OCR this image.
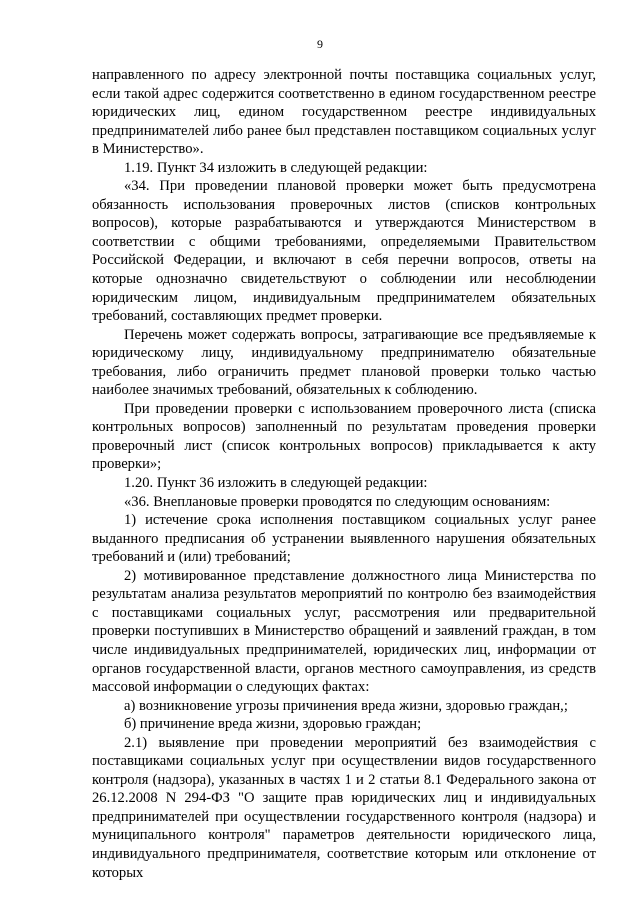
9

направленного по адресу электронной почты поставщика социальных услуг, если такой адрес содержится соответственно в едином государственном реестре юридических лиц, едином государственном реестре индивидуальных предпринимателей либо ранее был представлен поставщиком социальных услуг в Министерство».

1.19. Пункт 34 изложить в следующей редакции:

«34. При проведении плановой проверки может быть предусмотрена обязанность использования проверочных листов (списков контрольных вопросов), которые разрабатываются и утверждаются Министерством в соответствии с общими требованиями, определяемыми Правительством Российской Федерации, и включают в себя перечни вопросов, ответы на которые однозначно свидетельствуют о соблюдении или несоблюдении юридическим лицом, индивидуальным предпринимателем обязательных требований, составляющих предмет проверки.

Перечень может содержать вопросы, затрагивающие все предъявляемые к юридическому лицу, индивидуальному предпринимателю обязательные требования, либо ограничить предмет плановой проверки только частью наиболее значимых требований, обязательных к соблюдению.

При проведении проверки с использованием проверочного листа (списка контрольных вопросов) заполненный по результатам проведения проверки проверочный лист (список контрольных вопросов) прикладывается к акту проверки»;

1.20. Пункт 36 изложить в следующей редакции:

«36. Внеплановые проверки проводятся по следующим основаниям:

1) истечение срока исполнения поставщиком социальных услуг ранее выданного предписания об устранении выявленного нарушения обязательных требований и (или) требований;

2) мотивированное представление должностного лица Министерства по результатам анализа результатов мероприятий по контролю без взаимодействия с поставщиками социальных услуг, рассмотрения или предварительной проверки поступивших в Министерство обращений и заявлений граждан, в том числе индивидуальных предпринимателей, юридических лиц, информации от органов государственной власти, органов местного самоуправления, из средств массовой информации о следующих фактах:

а) возникновение угрозы причинения вреда жизни, здоровью граждан,;

б) причинение вреда жизни, здоровью граждан;

2.1) выявление при проведении мероприятий без взаимодействия с поставщиками социальных услуг при осуществлении видов государственного контроля (надзора), указанных в частях 1 и 2 статьи 8.1 Федерального закона от 26.12.2008 N 294-ФЗ "О защите прав юридических лиц и индивидуальных предпринимателей при осуществлении государственного контроля (надзора) и муниципального контроля" параметров деятельности юридического лица, индивидуального предпринимателя, соответствие которым или отклонение от которых
